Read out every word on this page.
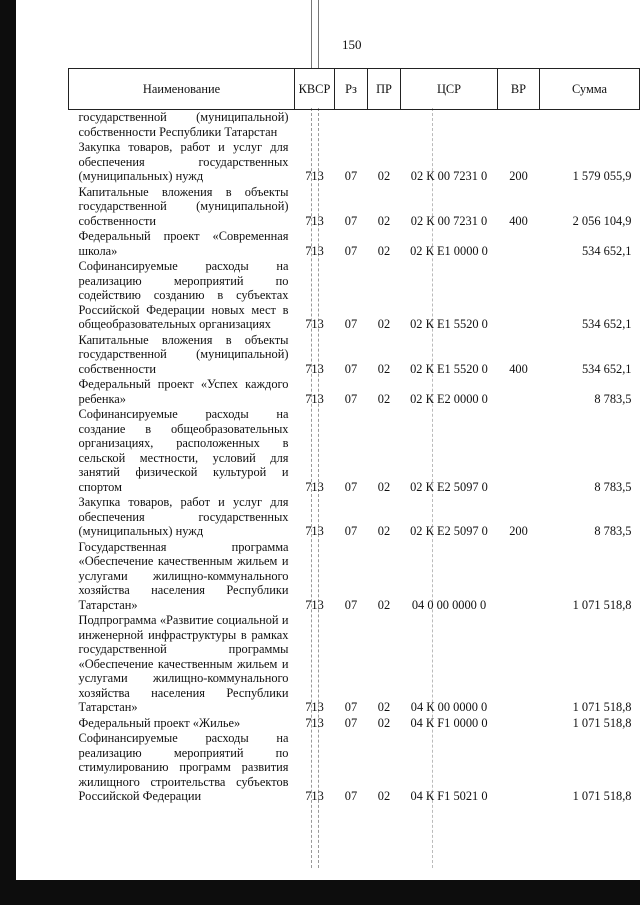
150
Наименование	КВСР	Рз	ПР	ЦСР	ВР	Сумма
государственной (муниципальной) собственности Республики Татарстан						
Закупка товаров, работ и услуг для обеспечения государственных (муниципальных) нужд	713	07	02	02 К 00 7231 0	200	1 579 055,9
Капитальные вложения в объекты государственной (муниципальной) собственности	713	07	02	02 К 00 7231 0	400	2 056 104,9
Федеральный проект «Современная школа»	713	07	02	02 К Е1 0000 0		534 652,1
Софинансируемые расходы на реализацию мероприятий по содействию созданию в субъектах Российской Федерации новых мест в общеобразовательных организациях	713	07	02	02 К Е1 5520 0		534 652,1
Капитальные вложения в объекты государственной (муниципальной) собственности	713	07	02	02 К Е1 5520 0	400	534 652,1
Федеральный проект «Успех каждого ребенка»	713	07	02	02 К Е2 0000 0		8 783,5
Софинансируемые расходы на создание в общеобразовательных организациях, расположенных в сельской местности, условий для занятий физической культурой и спортом	713	07	02	02 К Е2 5097 0		8 783,5
Закупка товаров, работ и услуг для обеспечения государственных (муниципальных) нужд	713	07	02	02 К Е2 5097 0	200	8 783,5
Государственная программа «Обеспечение качественным жильем и услугами жилищно-коммунального хозяйства населения Республики Татарстан»	713	07	02	04 0 00 0000 0		1 071 518,8
Подпрограмма «Развитие социальной и инженерной инфраструктуры в рамках государственной программы «Обеспечение качественным жильем и услугами жилищно-коммунального хозяйства населения Республики Татарстан»	713	07	02	04 К 00 0000 0		1 071 518,8
Федеральный проект «Жилье»	713	07	02	04 К F1 0000 0		1 071 518,8
Софинансируемые расходы на реализацию мероприятий по стимулированию программ развития жилищного строительства субъектов Российской Федерации	713	07	02	04 К F1 5021 0		1 071 518,8
